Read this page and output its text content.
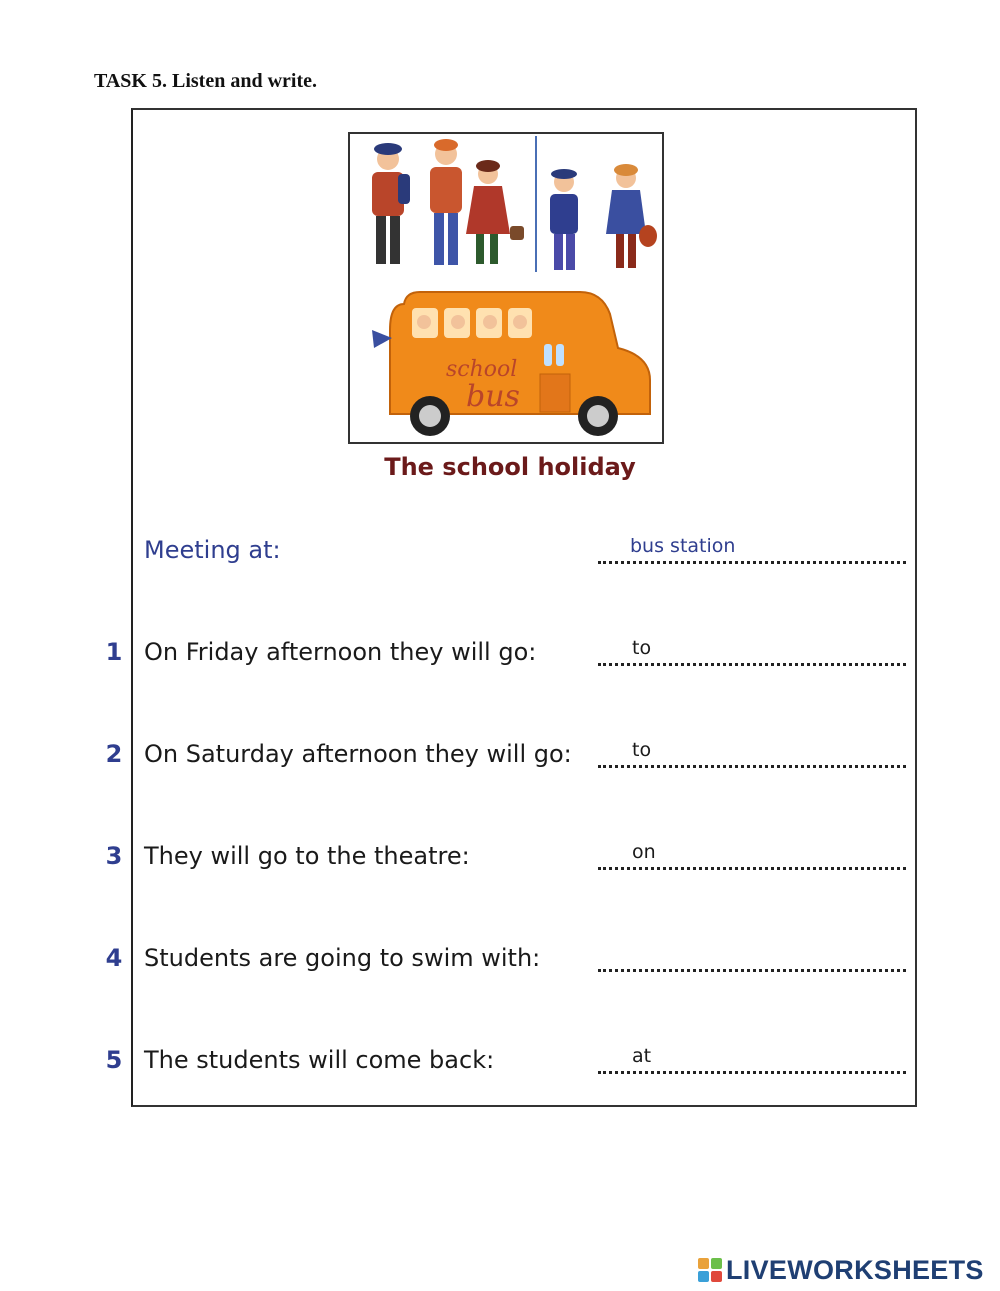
TASK 5. Listen and write.
school
bus
The school holiday
Meeting at:	bus station
1 On Friday afternoon they will go:	to
2 On Saturday afternoon they will go:	to
3 They will go to the theatre:	on
4 Students are going to swim with:
5 The students will come back:	at
LIVEWORKSHEETS
